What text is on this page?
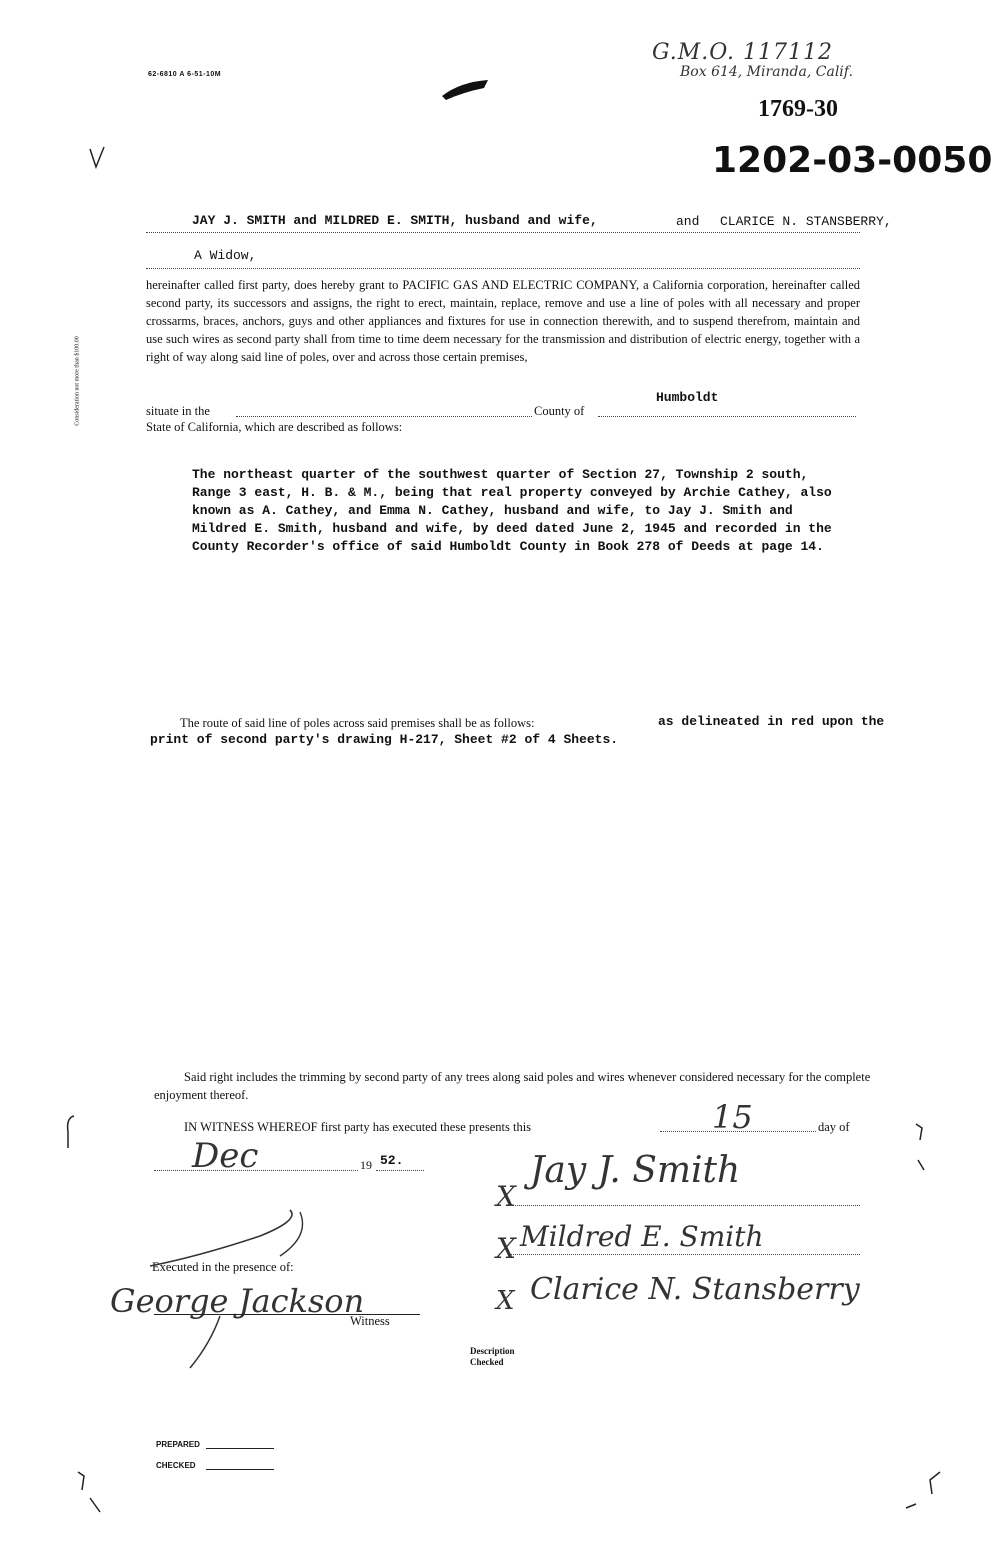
62-6810 A 6-51-10M
G.M.O. 117112
Box 614, Miranda, Calif.
1769-30
1202-03-0050
Consideration not more than $100.00
JAY J. SMITH and MILDRED E. SMITH, husband and wife,	and CLARICE N. STANSBERRY,
A Widow,

hereinafter called first party, does hereby grant to PACIFIC GAS AND ELECTRIC COMPANY, a California corporation, hereinafter called second party, its successors and assigns, the right to erect, maintain, replace, remove and use a line of poles with all necessary and proper crossarms, braces, anchors, guys and other appliances and fixtures for use in connection therewith, and to suspend therefrom, maintain and use such wires as second party shall from time to time deem necessary for the transmission and distribution of electric energy, together with a right of way along said line of poles, over and across those certain premises,

situate in the	County of
Humboldt
State of California, which are described as follows:

The northeast quarter of the southwest quarter of Section 27, Township 2 south, Range 3 east, H. B. & M., being that real property conveyed by Archie Cathey, also known as A. Cathey, and Emma N. Cathey, husband and wife, to Jay J. Smith and Mildred E. Smith, husband and wife, by deed dated June 2, 1945 and recorded in the County Recorder's office of said Humboldt County in Book 278 of Deeds at page 14.

The route of said line of poles across said premises shall be as follows:	as delineated in red upon the print of second party's drawing H-217, Sheet #2 of 4 Sheets.

Said right includes the trimming by second party of any trees along said poles and wires whenever considered necessary for the complete enjoyment thereof.

IN WITNESS WHEREOF first party has executed these presents this	15	day of
Dec	19 52.
X
Jay J. Smith
X Mildred E. Smith
X Clarice N. Stansberry
Executed in the presence of:
George Jackson
Witness
Description
Checked
PREPARED
CHECKED
